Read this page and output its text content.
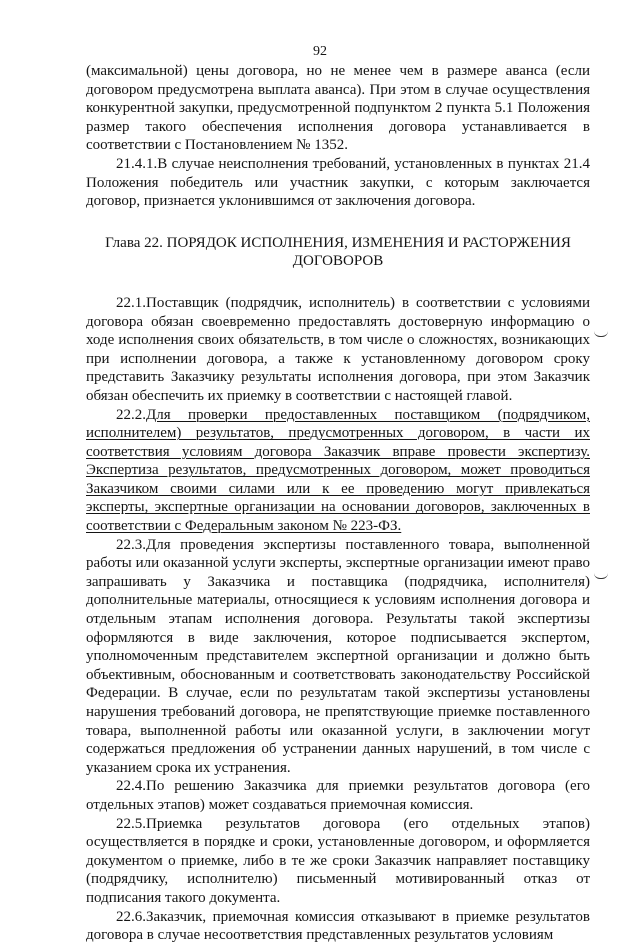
92

(максимальной) цены договора, но не менее чем в размере аванса (если договором предусмотрена выплата аванса). При этом в случае осуществления конкурентной закупки, предусмотренной подпунктом 2 пункта 5.1 Положения размер такого обеспечения исполнения договора устанавливается в соответствии с Постановлением № 1352.

21.4.1.В случае неисполнения требований, установленных в пунктах 21.4 Положения победитель или участник закупки, с которым заключается договор, признается уклонившимся от заключения договора.

Глава 22. ПОРЯДОК ИСПОЛНЕНИЯ, ИЗМЕНЕНИЯ И РАСТОРЖЕНИЯ ДОГОВОРОВ

22.1.Поставщик (подрядчик, исполнитель) в соответствии с условиями договора обязан своевременно предоставлять достоверную информацию о ходе исполнения своих обязательств, в том числе о сложностях, возникающих при исполнении договора, а также к установленному договором сроку представить Заказчику результаты исполнения договора, при этом Заказчик обязан обеспечить их приемку в соответствии с настоящей главой.

22.2.Для проверки предоставленных поставщиком (подрядчиком, исполнителем) результатов, предусмотренных договором, в части их соответствия условиям договора Заказчик вправе провести экспертизу. Экспертиза результатов, предусмотренных договором, может проводиться Заказчиком своими силами или к ее проведению могут привлекаться эксперты, экспертные организации на основании договоров, заключенных в соответствии с Федеральным законом № 223-ФЗ.

22.3.Для проведения экспертизы поставленного товара, выполненной работы или оказанной услуги эксперты, экспертные организации имеют право запрашивать у Заказчика и поставщика (подрядчика, исполнителя) дополнительные материалы, относящиеся к условиям исполнения договора и отдельным этапам исполнения договора. Результаты такой экспертизы оформляются в виде заключения, которое подписывается экспертом, уполномоченным представителем экспертной организации и должно быть объективным, обоснованным и соответствовать законодательству Российской Федерации. В случае, если по результатам такой экспертизы установлены нарушения требований договора, не препятствующие приемке поставленного товара, выполненной работы или оказанной услуги, в заключении могут содержаться предложения об устранении данных нарушений, в том числе с указанием срока их устранения.

22.4.По решению Заказчика для приемки результатов договора (его отдельных этапов) может создаваться приемочная комиссия.

22.5.Приемка результатов договора (его отдельных этапов) осуществляется в порядке и сроки, установленные договором, и оформляется документом о приемке, либо в те же сроки Заказчик направляет поставщику (подрядчику, исполнителю) письменный мотивированный отказ от подписания такого документа.

22.6.Заказчик, приемочная комиссия отказывают в приемке результатов договора в случае несоответствия представленных результатов условиям
